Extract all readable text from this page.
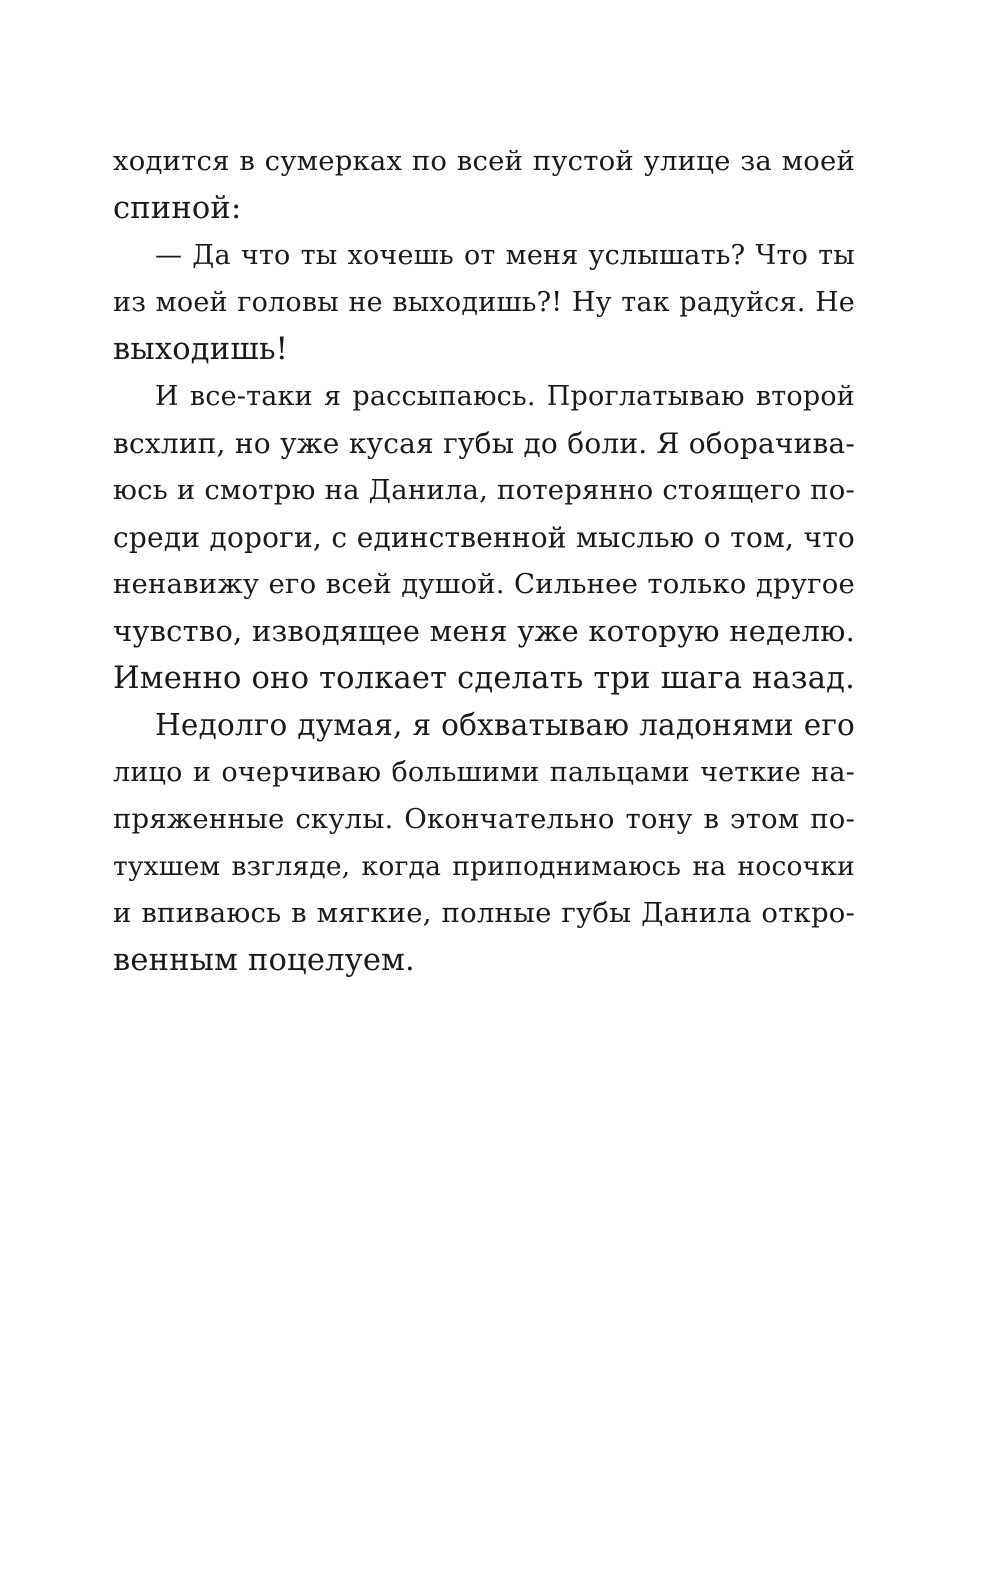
ходится в сумерках по всей пустой улице за моей
спиной:
— Да что ты хочешь от меня услышать? Что ты
из моей головы не выходишь?! Ну так радуйся. Не
выходишь!
И все-таки я рассыпаюсь. Проглатываю второй
всхлип, но уже кусая губы до боли. Я оборачива-
юсь и смотрю на Данила, потерянно стоящего по-
среди дороги, с единственной мыслью о том, что
ненавижу его всей душой. Сильнее только другое
чувство, изводящее меня уже которую неделю.
Именно оно толкает сделать три шага назад.
Недолго думая, я обхватываю ладонями его
лицо и очерчиваю большими пальцами четкие на-
пряженные скулы. Окончательно тону в этом по-
тухшем взгляде, когда приподнимаюсь на носочки
и впиваюсь в мягкие, полные губы Данила откро-
венным поцелуем.
